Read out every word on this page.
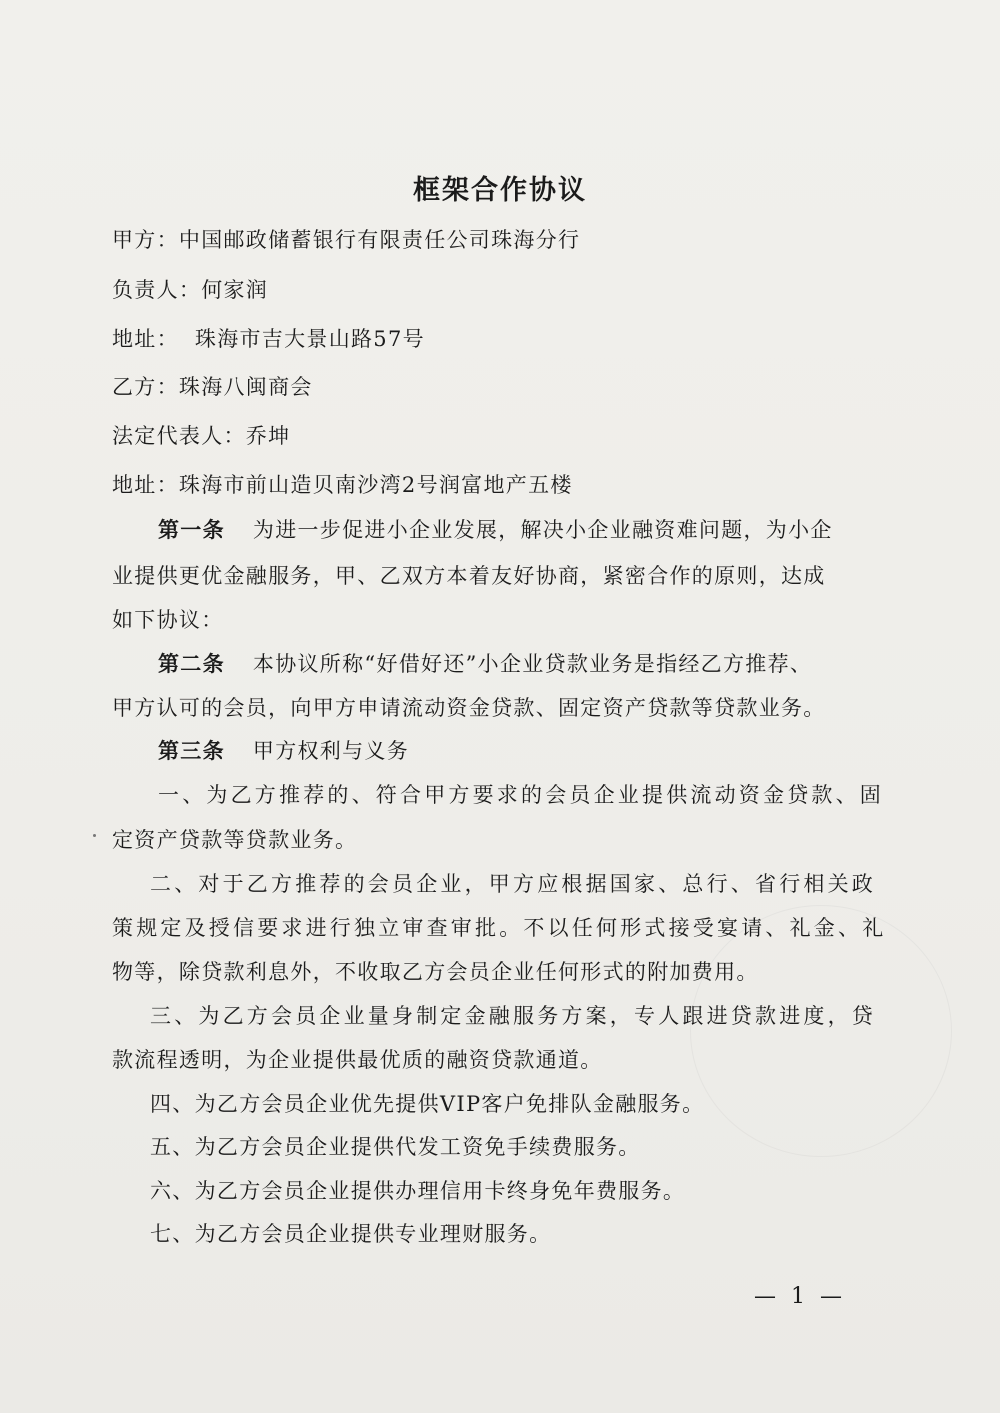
框架合作协议
甲方：中国邮政储蓄银行有限责任公司珠海分行
负责人：何家润
地址： 珠海市吉大景山路57号
乙方：珠海八闽商会
法定代表人：乔坤
地址：珠海市前山造贝南沙湾2号润富地产五楼
第一条 为进一步促进小企业发展，解决小企业融资难问题，为小企
业提供更优金融服务，甲、乙双方本着友好协商，紧密合作的原则，达成
如下协议：
第二条 本协议所称“好借好还”小企业贷款业务是指经乙方推荐、
甲方认可的会员，向甲方申请流动资金贷款、固定资产贷款等贷款业务。
第三条 甲方权利与义务
一、为乙方推荐的、符合甲方要求的会员企业提供流动资金贷款、固
定资产贷款等贷款业务。
二、对于乙方推荐的会员企业，甲方应根据国家、总行、省行相关政
策规定及授信要求进行独立审查审批。不以任何形式接受宴请、礼金、礼
物等，除贷款利息外，不收取乙方会员企业任何形式的附加费用。
三、为乙方会员企业量身制定金融服务方案，专人跟进贷款进度，贷
款流程透明，为企业提供最优质的融资贷款通道。
四、为乙方会员企业优先提供VIP客户免排队金融服务。
五、为乙方会员企业提供代发工资免手续费服务。
六、为乙方会员企业提供办理信用卡终身免年费服务。
七、为乙方会员企业提供专业理财服务。
— 1 —
